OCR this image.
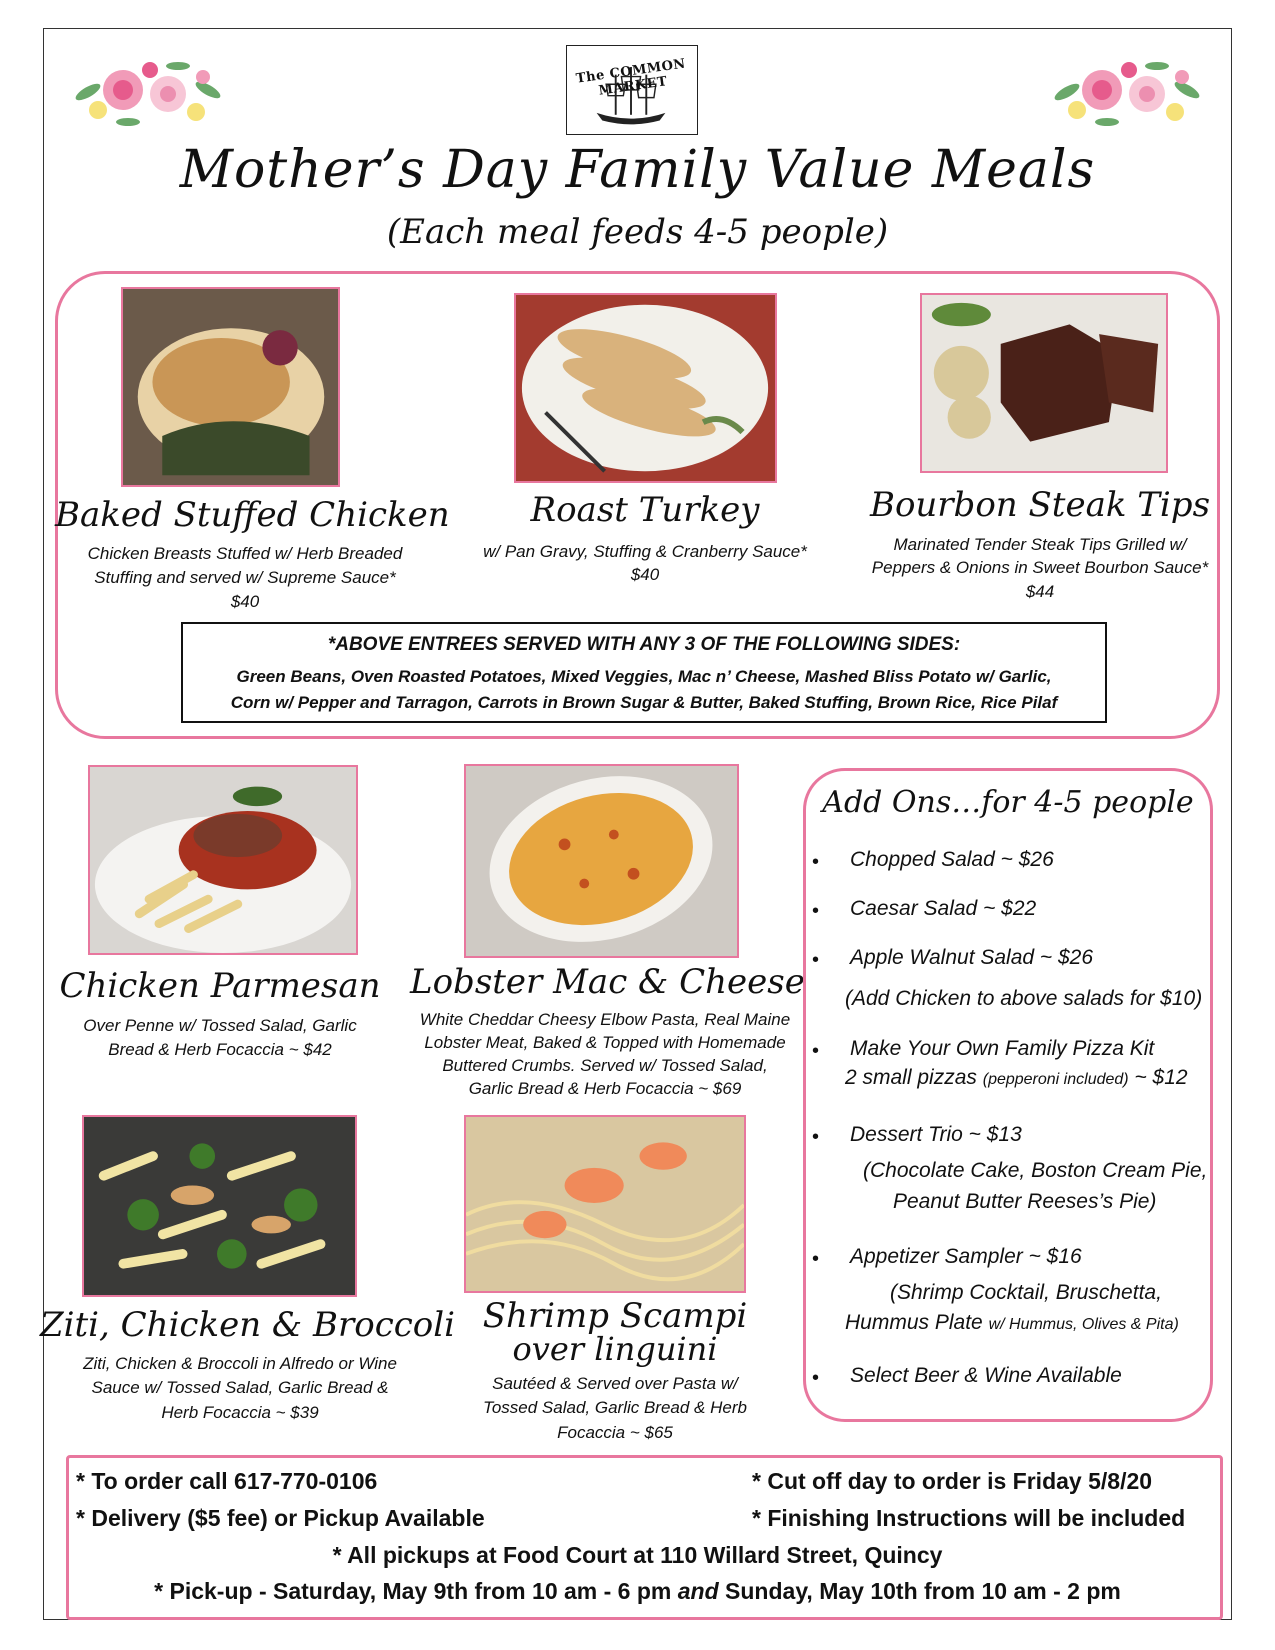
The COMMON MARKET
Mother’s Day Family Value Meals
(Each meal feeds 4-5 people)
Baked Stuffed Chicken
Chicken Breasts Stuffed w/ Herb Breaded
Stuffing and served w/ Supreme Sauce*
$40
Roast Turkey
w/ Pan Gravy, Stuffing & Cranberry Sauce*
$40
Bourbon Steak Tips
Marinated Tender Steak Tips Grilled w/
Peppers & Onions in Sweet Bourbon Sauce*
$44
*ABOVE ENTREES SERVED WITH ANY 3 OF THE FOLLOWING SIDES:
Green Beans, Oven Roasted Potatoes, Mixed Veggies, Mac n’ Cheese, Mashed Bliss Potato w/ Garlic,
Corn w/ Pepper and Tarragon, Carrots in Brown Sugar & Butter, Baked Stuffing, Brown Rice, Rice Pilaf
Chicken Parmesan
Over Penne w/ Tossed Salad, Garlic
Bread & Herb Focaccia ~ $42
Lobster Mac & Cheese
White Cheddar Cheesy Elbow Pasta, Real Maine
Lobster Meat, Baked & Topped with Homemade
Buttered Crumbs. Served w/ Tossed Salad,
Garlic Bread & Herb Focaccia ~ $69
Ziti, Chicken & Broccoli
Ziti, Chicken & Broccoli in Alfredo or Wine
Sauce w/ Tossed Salad, Garlic Bread &
Herb Focaccia ~ $39
Shrimp Scampi
over linguini
Sautéed & Served over Pasta w/
Tossed Salad, Garlic Bread & Herb
Focaccia ~ $65
Add Ons…for 4-5 people
• Chopped Salad ~ $26
• Caesar Salad ~ $22
• Apple Walnut Salad ~ $26
(Add Chicken to above salads for $10)
• Make Your Own Family Pizza Kit
2 small pizzas (pepperoni included) ~ $12
• Dessert Trio ~ $13
(Chocolate Cake, Boston Cream Pie,
Peanut Butter Reeses’s Pie)
• Appetizer Sampler ~ $16
(Shrimp Cocktail, Bruschetta,
Hummus Plate w/ Hummus, Olives & Pita)
• Select Beer & Wine Available
* To order call 617-770-0106
* Delivery ($5 fee) or Pickup Available
* Cut off day to order is Friday 5/8/20
* Finishing Instructions will be included
* All pickups at Food Court at 110 Willard Street, Quincy
* Pick-up - Saturday, May 9th from 10 am - 6 pm and Sunday, May 10th from 10 am - 2 pm
